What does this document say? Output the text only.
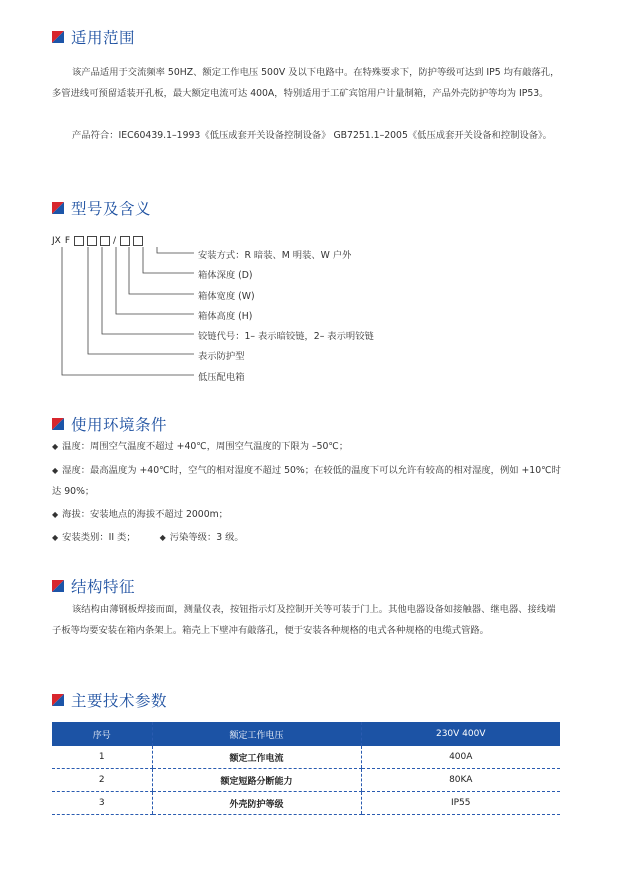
适用范围
该产品适用于交流频率 50HZ、额定工作电压 500V 及以下电路中。在特殊要求下，防护等级可达到 IP5 均有敲落孔，多管进线可预留适装开孔板，最大额定电流可达 400A，特别适用于工矿宾馆用户计量制箱，产品外壳防护等均为 IP53。
产品符合：IEC60439.1–1993《低压成套开关设备控制设备》 GB7251.1–2005《低压成套开关设备和控制设备》。
型号及含义
JX F	/
安装方式：R 暗装、M 明装、W 户外
箱体深度 (D)
箱体宽度 (W)
箱体高度 (H)
铰链代号：1– 表示暗铰链，2– 表示明铰链
表示防护型
低压配电箱
使用环境条件
◆ 温度：周围空气温度不超过 +40℃，周围空气温度的下限为 –50℃；
◆ 湿度：最高温度为 +40℃时，空气的相对湿度不超过 50%；在较低的温度下可以允许有较高的相对湿度，例如 +10℃时达 90%；
◆ 海拔：安装地点的海拔不超过 2000m；
◆ 安装类别：II 类；	◆ 污染等级：3 级。
结构特征
该结构由薄钢板焊接而面，测量仪表，按钮指示灯及控制开关等可装于门上。其他电器设备如接触器、继电器、接线端子板等均要安装在箱内条架上。箱壳上下壁冲有敲落孔，便于安装各种规格的电式各种规格的电缆式管路。
主要技术参数
序号	额定工作电压	230V 400V
1	额定工作电流	400A
2	额定短路分断能力	80KA
3	外壳防护等级	IP55
